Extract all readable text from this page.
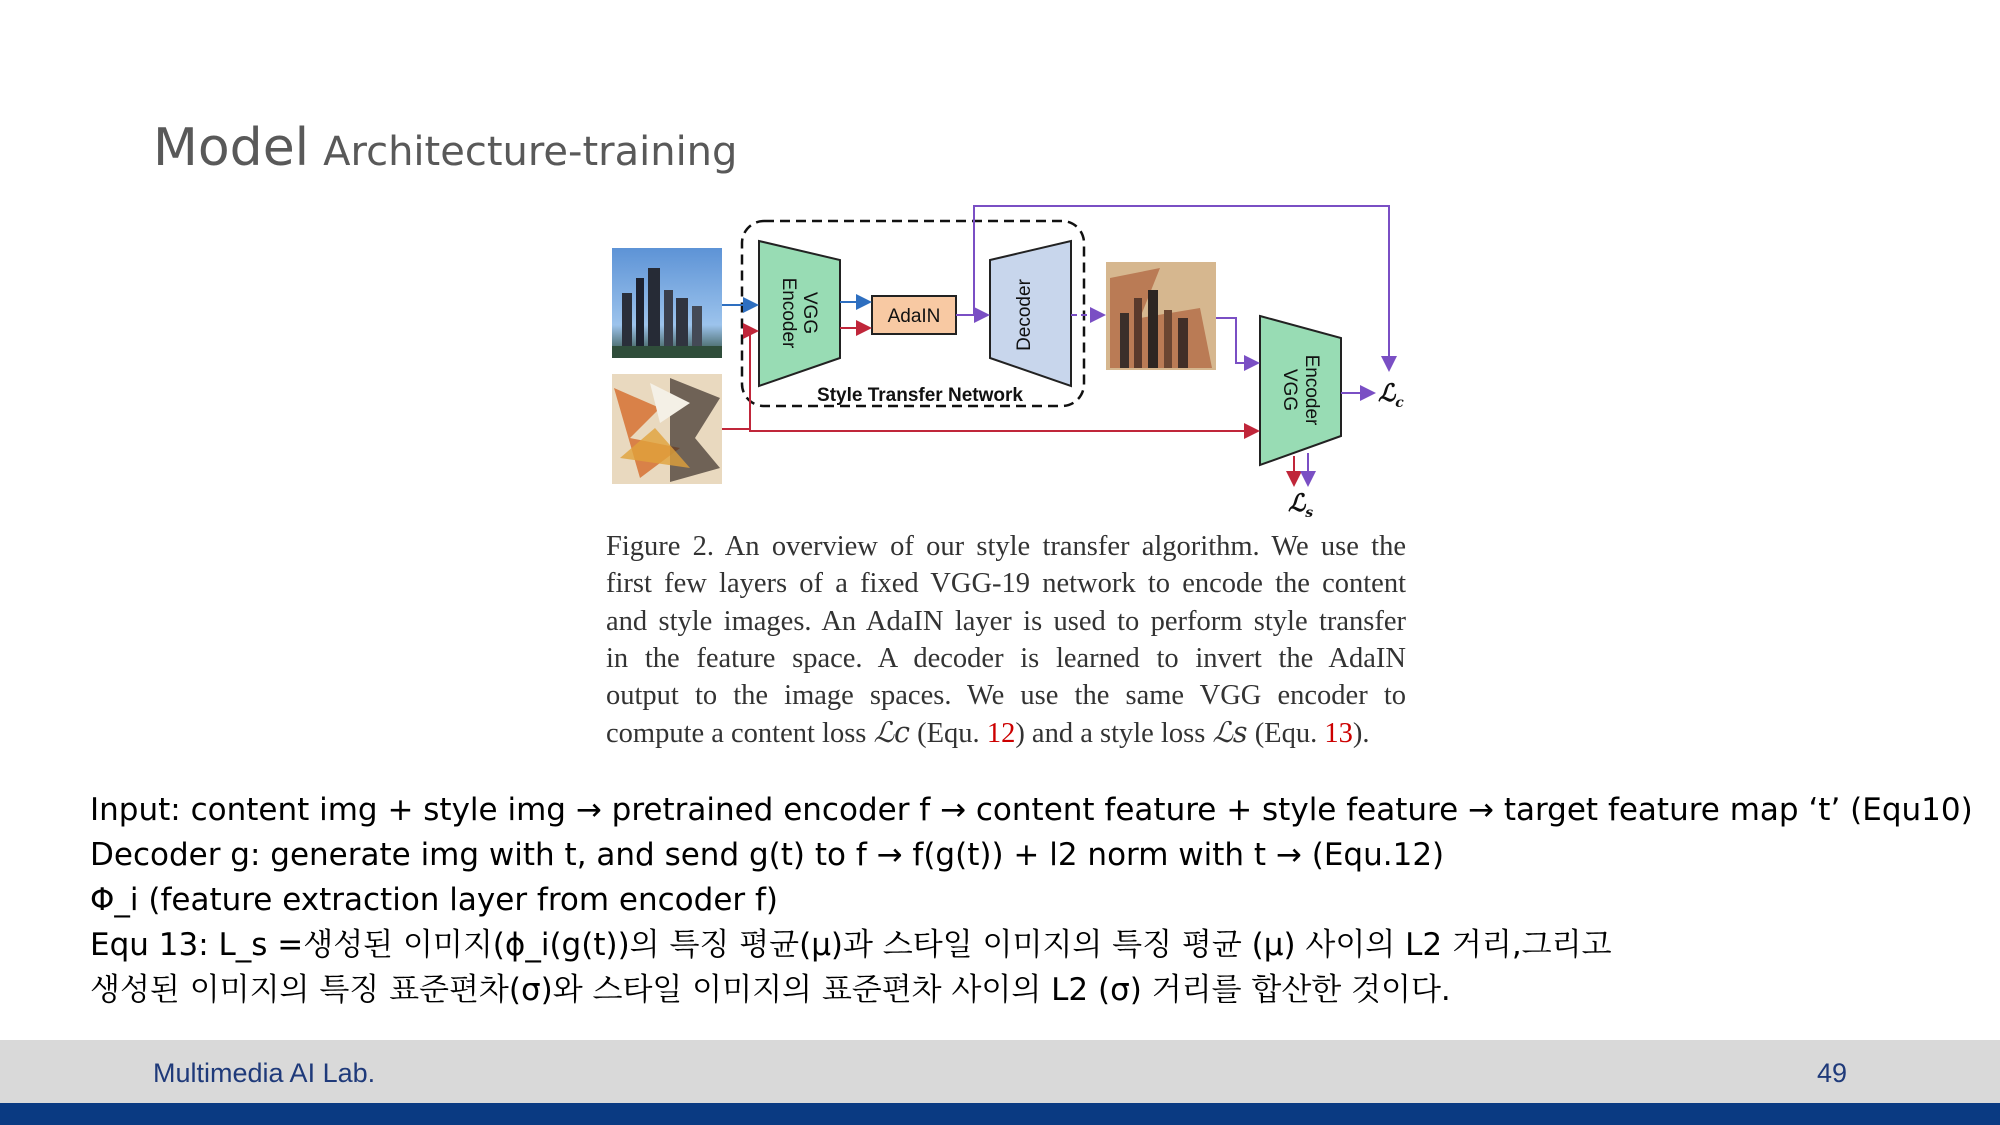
Model Architecture-training
VGG
Encoder	AdaIN	Decoder
Style Transfer Network	VGG Encoder ℒ$_c$
ℒ$_s$
Figure 2. An overview of our style transfer algorithm. We use the
first few layers of a fixed VGG-19 network to encode the content
and style images. An AdaIN layer is used to perform style transfer
in the feature space. A decoder is learned to invert the AdaIN
output to the image spaces. We use the same VGG encoder to
compute a content loss ℒc (Equ. 12) and a style loss ℒs (Equ. 13).
Input: content img + style img → pretrained encoder f → content feature + style feature → target feature map ‘t’ (Equ10)
Decoder g: generate img with t, and send g(t) to f → f(g(t)) + l2 norm with t → (Equ.12)
Φ_i (feature extraction layer from encoder f)
Equ 13: L_s =생성된 이미지(ϕ_i(g(t))의 특징 평균(μ)과 스타일 이미지의 특징 평균 (μ) 사이의 L2 거리,그리고
생성된 이미지의 특징 표준편차(σ)와 스타일 이미지의 표준편차 사이의 L2 (σ) 거리를 합산한 것이다.
Multimedia AI Lab.	49
